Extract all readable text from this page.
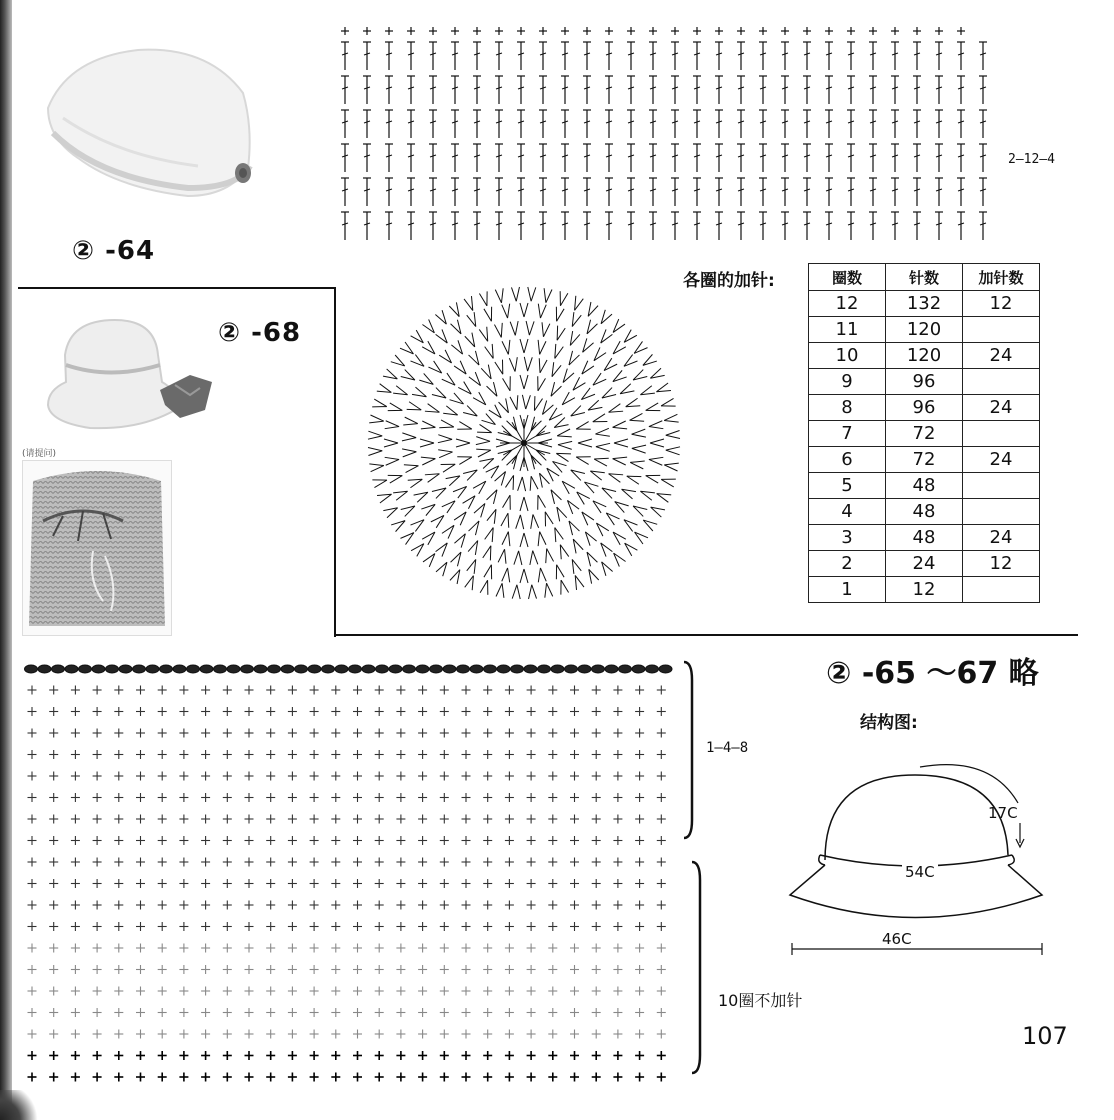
② -64
2—12—4
② -68
(请提问)
各圈的加针:	圈数	针数	加针数
12	132	12
11	120	
10	120	24
9	96	
8	96	24
7	72	
6	72	24
5	48	
4	48	
3	48	24
2	24	12
1	12	
② -65 ～67 略
结构图:
17C
54C
46C
1—4—8
10圈不加针
107
